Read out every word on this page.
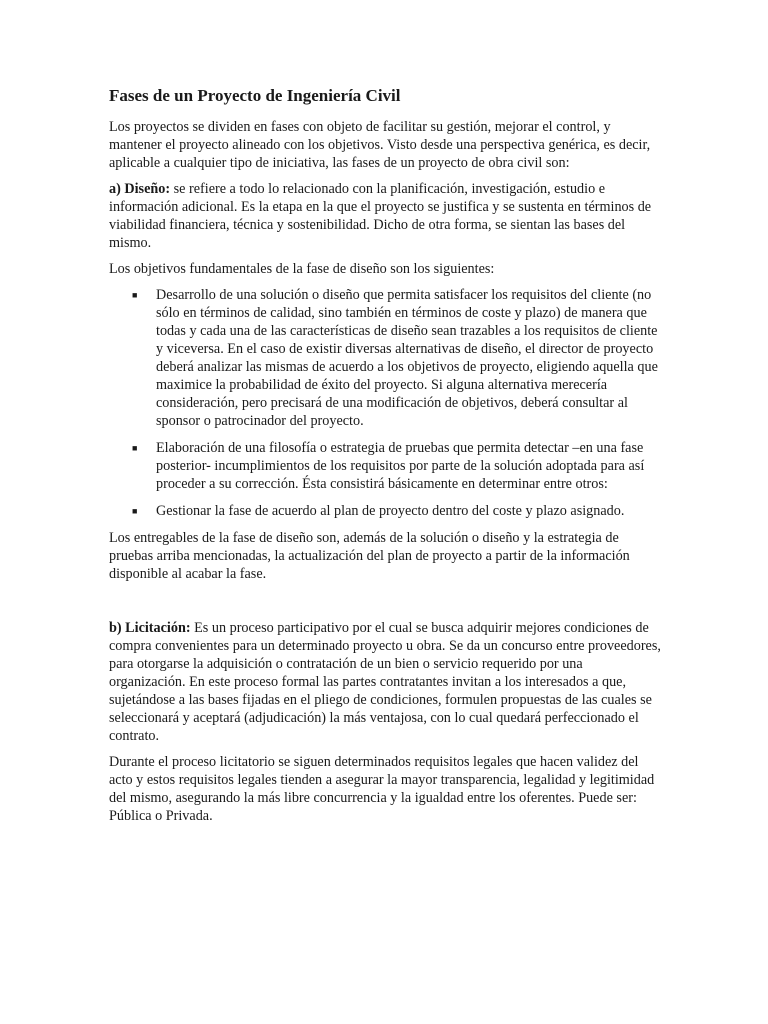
Fases de un Proyecto de Ingeniería Civil

Los proyectos se dividen en fases con objeto de facilitar su gestión, mejorar el control, y mantener el proyecto alineado con los objetivos. Visto desde una perspectiva genérica, es decir, aplicable a cualquier tipo de iniciativa, las fases de un proyecto de obra civil son:

a) Diseño: se refiere a todo lo relacionado con la planificación, investigación, estudio e información adicional. Es la etapa en la que el proyecto se justifica y se sustenta en términos de viabilidad financiera, técnica y sostenibilidad. Dicho de otra forma, se sientan las bases del mismo.

Los objetivos fundamentales de la fase de diseño son los siguientes:

■ Desarrollo de una solución o diseño que permita satisfacer los requisitos del cliente (no sólo en términos de calidad, sino también en términos de coste y plazo) de manera que todas y cada una de las características de diseño sean trazables a los requisitos de cliente y viceversa. En el caso de existir diversas alternativas de diseño, el director de proyecto deberá analizar las mismas de acuerdo a los objetivos de proyecto, eligiendo aquella que maximice la probabilidad de éxito del proyecto. Si alguna alternativa merecería consideración, pero precisará de una modificación de objetivos, deberá consultar al sponsor o patrocinador del proyecto.
■ Elaboración de una filosofía o estrategia de pruebas que permita detectar –en una fase posterior- incumplimientos de los requisitos por parte de la solución adoptada para así proceder a su corrección. Ésta consistirá básicamente en determinar entre otros:
■ Gestionar la fase de acuerdo al plan de proyecto dentro del coste y plazo asignado.

Los entregables de la fase de diseño son, además de la solución o diseño y la estrategia de pruebas arriba mencionadas, la actualización del plan de proyecto a partir de la información disponible al acabar la fase.

b) Licitación: Es un proceso participativo por el cual se busca adquirir mejores condiciones de compra convenientes para un determinado proyecto u obra. Se da un concurso entre proveedores, para otorgarse la adquisición o contratación de un bien o servicio requerido por una organización. En este proceso formal las partes contratantes invitan a los interesados a que, sujetándose a las bases fijadas en el pliego de condiciones, formulen propuestas de las cuales se seleccionará y aceptará (adjudicación) la más ventajosa, con lo cual quedará perfeccionado el contrato.

Durante el proceso licitatorio se siguen determinados requisitos legales que hacen validez del acto y estos requisitos legales tienden a asegurar la mayor transparencia, legalidad y legitimidad del mismo, asegurando la más libre concurrencia y la igualdad entre los oferentes. Puede ser: Pública o Privada.
